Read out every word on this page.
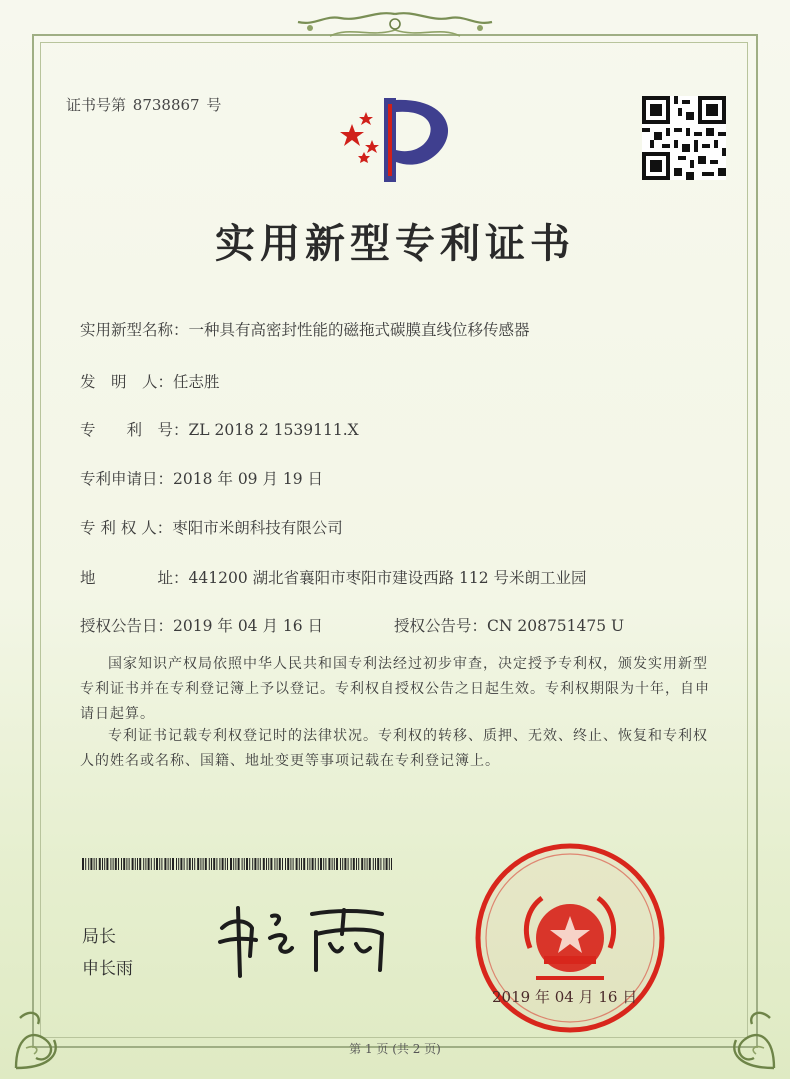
证书号第 8738867 号
实用新型专利证书
实用新型名称：一种具有高密封性能的磁拖式碳膜直线位移传感器
发　明　人：任志胜
专　　利　号：ZL 2018 2 1539111.X
专利申请日：2018 年 09 月 19 日
专 利 权 人：枣阳市米朗科技有限公司
地　　　　址：441200 湖北省襄阳市枣阳市建设西路 112 号米朗工业园
授权公告日：2019 年 04 月 16 日	授权公告号：CN 208751475 U
国家知识产权局依照中华人民共和国专利法经过初步审查，决定授予专利权，颁发实用新型专利证书并在专利登记簿上予以登记。专利权自授权公告之日起生效。专利权期限为十年，自申请日起算。
专利证书记载专利权登记时的法律状况。专利权的转移、质押、无效、终止、恢复和专利权人的姓名或名称、国籍、地址变更等事项记载在专利登记簿上。
局长
申长雨
2019 年 04 月 16 日
第 1 页 (共 2 页)
